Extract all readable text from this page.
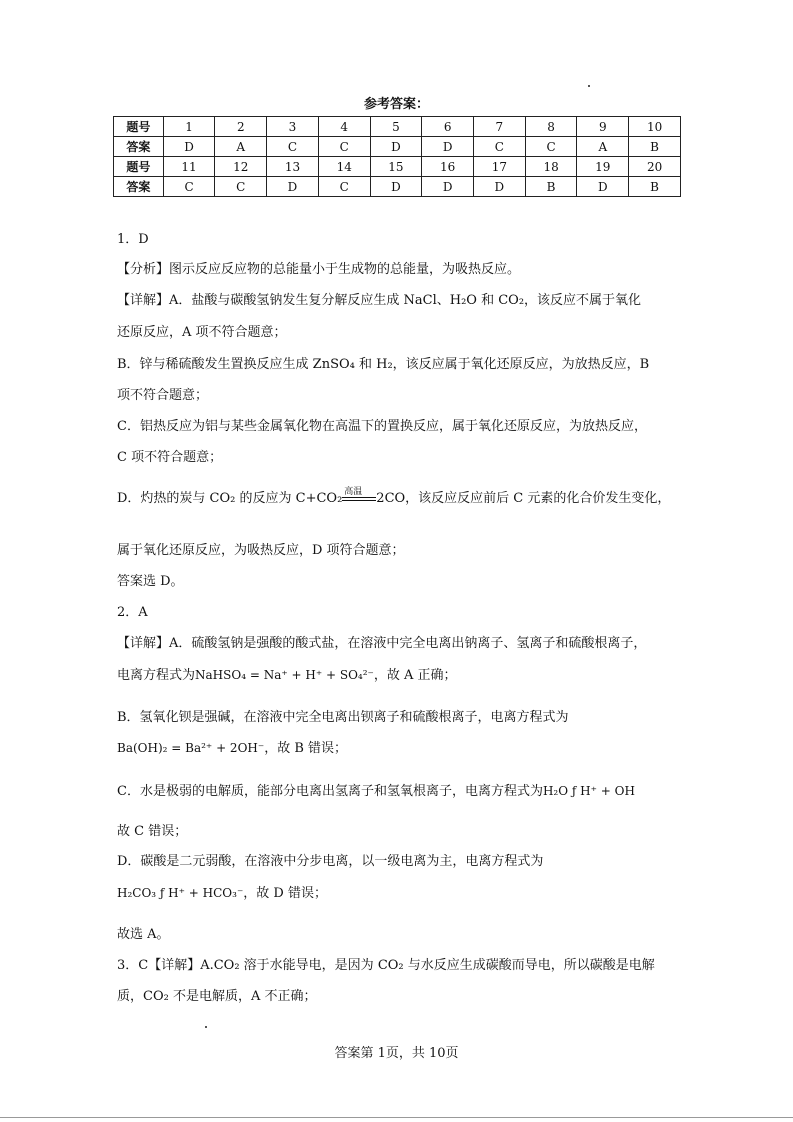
参考答案：
题号	1	2	3	4	5	6	7	8	9	10
答案	D	A	C	C	D	D	C	C	A	B
题号	11	12	13	14	15	16	17	18	19	20
答案	C	C	D	C	D	D	D	B	D	B
1．D
【分析】图示反应反应物的总能量小于生成物的总能量，为吸热反应。
【详解】A．盐酸与碳酸氢钠发生复分解反应生成 NaCl、H₂O 和 CO₂，该反应不属于氧化
还原反应，A 项不符合题意；
B．锌与稀硫酸发生置换反应生成 ZnSO₄ 和 H₂，该反应属于氧化还原反应，为放热反应，B
项不符合题意；
C．铝热反应为铝与某些金属氧化物在高温下的置换反应，属于氧化还原反应，为放热反应，
C 项不符合题意；
D．灼热的炭与 CO₂ 的反应为 C+CO₂ 高温 2CO，该反应反应前后 C 元素的化合价发生变化，
属于氧化还原反应，为吸热反应，D 项符合题意；
答案选 D。
2．A
【详解】A．硫酸氢钠是强酸的酸式盐，在溶液中完全电离出钠离子、氢离子和硫酸根离子，
电离方程式为NaHSO₄ = Na⁺ + H⁺ + SO₄²⁻，故 A 正确；
B．氢氧化钡是强碱，在溶液中完全电离出钡离子和硫酸根离子，电离方程式为
Ba(OH)₂ = Ba²⁺ + 2OH⁻，故 B 错误；
C．水是极弱的电解质，能部分电离出氢离子和氢氧根离子，电离方程式为H₂O ƒ H⁺ + OH
故 C 错误；
D．碳酸是二元弱酸，在溶液中分步电离，以一级电离为主，电离方程式为
H₂CO₃ ƒ H⁺ + HCO₃⁻，故 D 错误；
故选 A。
3．C【详解】A.CO₂ 溶于水能导电，是因为 CO₂ 与水反应生成碳酸而导电，所以碳酸是电解
质，CO₂ 不是电解质，A 不正确；
答案第 1页，共 10页
